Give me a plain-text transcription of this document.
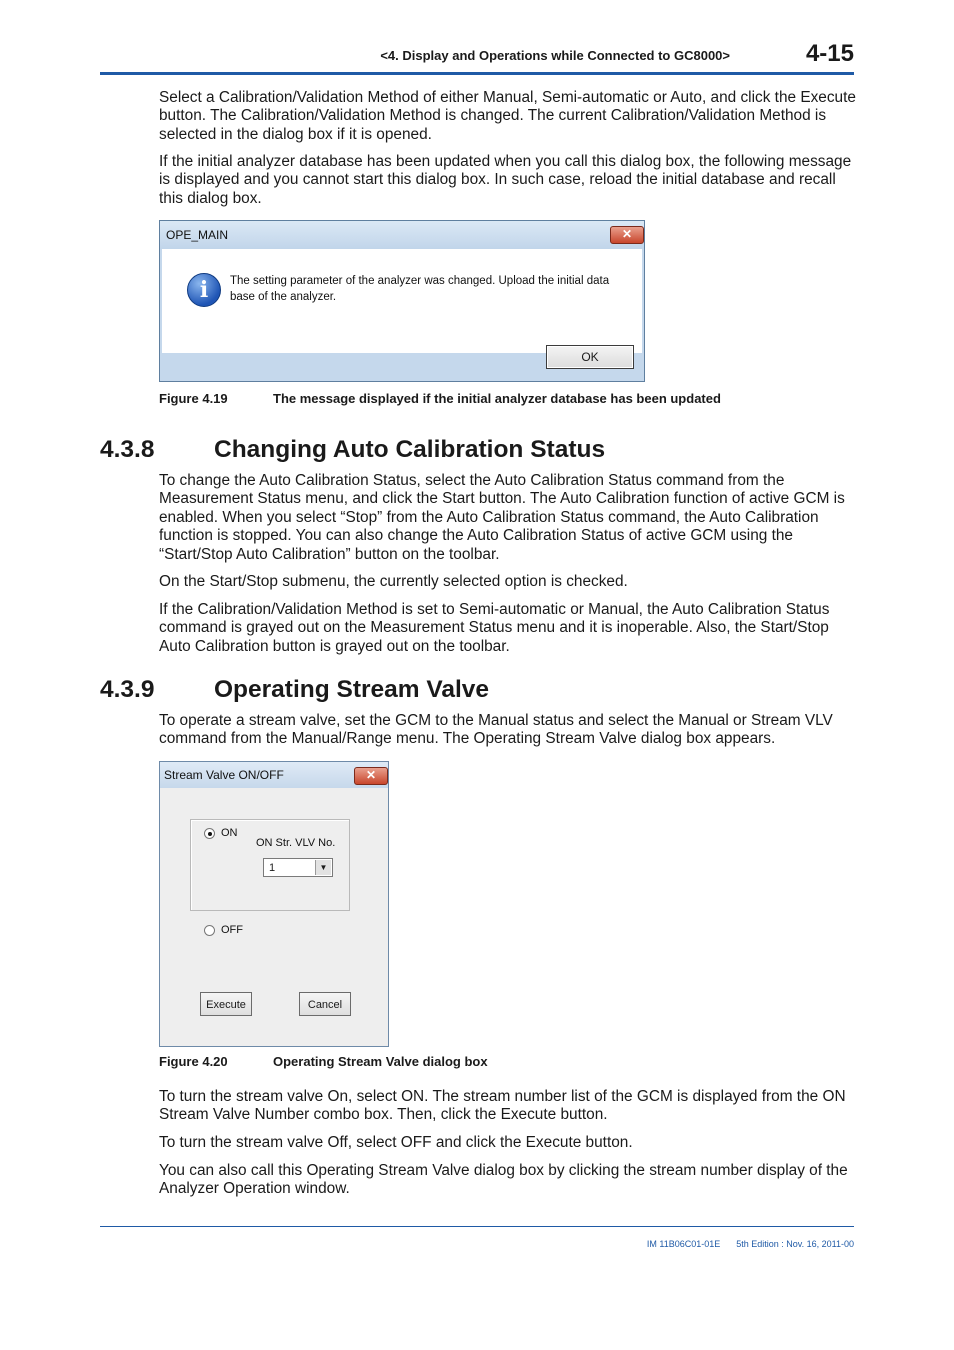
<4. Display and Operations while Connected to GC8000>	4-15

Select a Calibration/Validation Method of either Manual, Semi-automatic or Auto, and click the Execute button. The Calibration/Validation Method is changed. The current Calibration/Validation Method is selected in the dialog box if it is opened.

If the initial analyzer database has been updated when you call this dialog box, the following message is displayed and you cannot start this dialog box. In such case, reload the initial database and recall this dialog box.

OPE_MAIN	✕
i	The setting parameter of the analyzer was changed. Upload the initial data base of the analyzer.
OK
Figure 4.19	The message displayed if the initial analyzer database has been updated
4.3.8 Changing Auto Calibration Status

To change the Auto Calibration Status, select the Auto Calibration Status command from the Measurement Status menu, and click the Start button. The Auto Calibration function of active GCM is enabled. When you select “Stop” from the Auto Calibration Status command, the Auto Calibration function is stopped. You can also change the Auto Calibration Status of active GCM using the “Start/Stop Auto Calibration” button on the toolbar.

On the Start/Stop submenu, the currently selected option is checked.

If the Calibration/Validation Method is set to Semi-automatic or Manual, the Auto Calibration Status command is grayed out on the Measurement Status menu and it is inoperable. Also, the Start/Stop Auto Calibration button is grayed out on the toolbar.

4.3.9 Operating Stream Valve

To operate a stream valve, set the GCM to the Manual status and select the Manual or Stream VLV command from the Manual/Range menu. The Operating Stream Valve dialog box appears.

Stream Valve ON/OFF	✕
ON
ON Str. VLV No.
1	▼
OFF
Execute	Cancel
Figure 4.20	Operating Stream Valve dialog box

To turn the stream valve On, select ON. The stream number list of the GCM is displayed from the ON Stream Valve Number combo box. Then, click the Execute button.

To turn the stream valve Off, select OFF and click the Execute button.

You can also call this Operating Stream Valve dialog box by clicking the stream number display of the Analyzer Operation window.

IM 11B06C01-01E 5th Edition : Nov. 16, 2011-00
